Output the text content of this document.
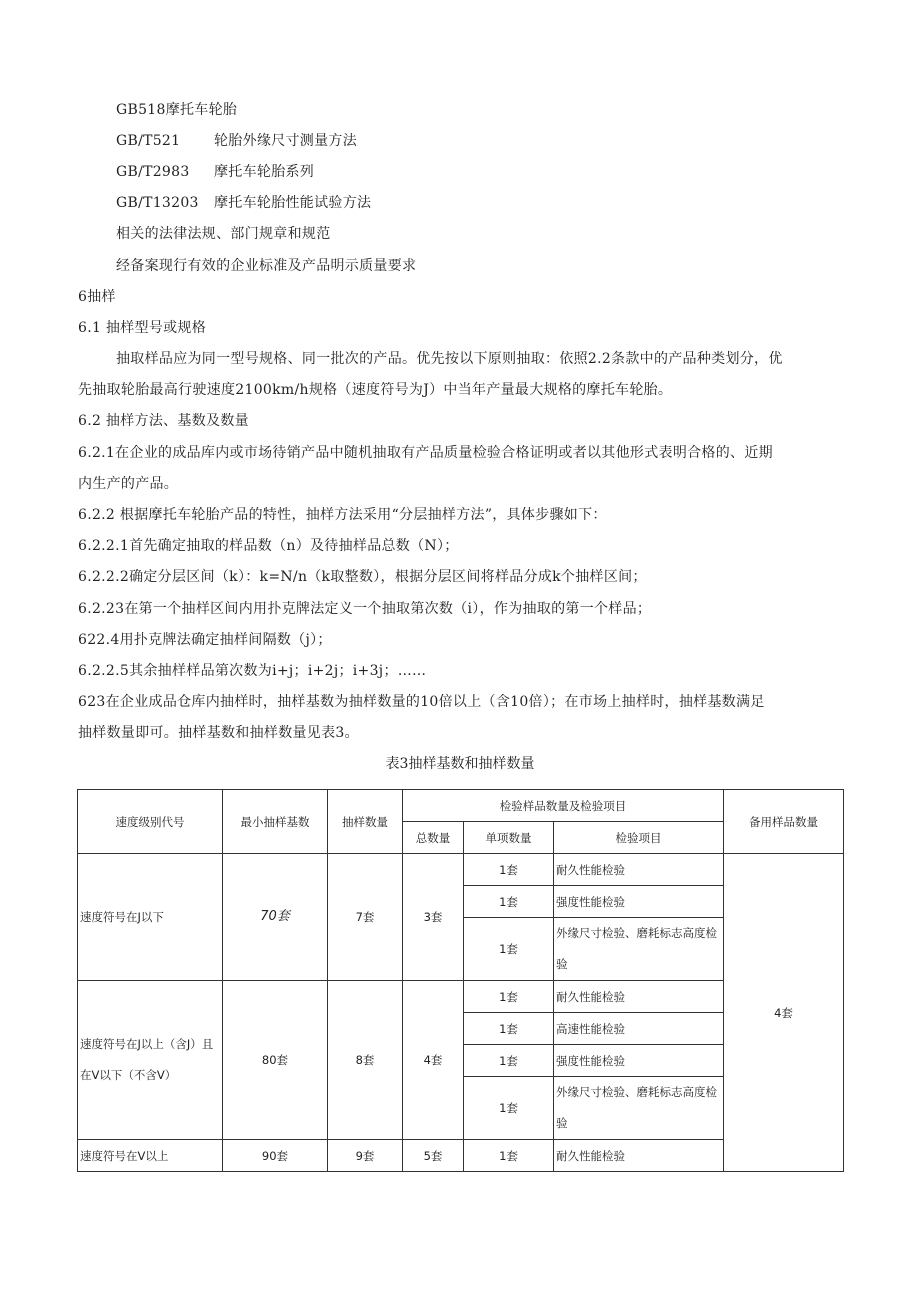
GB518摩托车轮胎
GB/T521 轮胎外缘尺寸测量方法
GB/T2983 摩托车轮胎系列
GB/T13203 摩托车轮胎性能试验方法
相关的法律法规、部门规章和规范
经备案现行有效的企业标准及产品明示质量要求
6抽样
6.1 抽样型号或规格
抽取样品应为同一型号规格、同一批次的产品。优先按以下原则抽取：依照2.2条款中的产品种类划分，优
先抽取轮胎最高行驶速度2100km/h规格（速度符号为J）中当年产量最大规格的摩托车轮胎。
6.2 抽样方法、基数及数量
6.2.1在企业的成品库内或市场待销产品中随机抽取有产品质量检验合格证明或者以其他形式表明合格的、近期
内生产的产品。
6.2.2 根据摩托车轮胎产品的特性，抽样方法采用“分层抽样方法”，具体步骤如下：
6.2.2.1首先确定抽取的样品数（n）及待抽样品总数（N）；
6.2.2.2确定分层区间（k）：k=N/n（k取整数），根据分层区间将样品分成k个抽样区间；
6.2.23在第一个抽样区间内用扑克牌法定义一个抽取第次数（i），作为抽取的第一个样品；
622.4用扑克牌法确定抽样间隔数（j）；
6.2.2.5其余抽样样品第次数为i+j；i+2j；i+3j；……
623在企业成品仓库内抽样时，抽样基数为抽样数量的10倍以上（含10倍）；在市场上抽样时，抽样基数满足
抽样数量即可。抽样基数和抽样数量见表3。
表3抽样基数和抽样数量
速度级别代号	最小抽样基数	抽样数量	检验样品数量及检验项目			备用样品数量
			总数量	单项数量	检验项目	
速度符号在J以下	70套	7套	3套	1套	耐久性能检验	4套
				1套	强度性能检验	
				1套	外缘尺寸检验、磨耗标志高度检验	
速度符号在J以上（含J）且在V以下（不含V）	80套	8套	4套	1套	耐久性能检验	
				1套	高速性能检验	
				1套	强度性能检验	
				1套	外缘尺寸检验、磨耗标志高度检验	
速度符号在V以上	90套	9套	5套	1套	耐久性能检验	
